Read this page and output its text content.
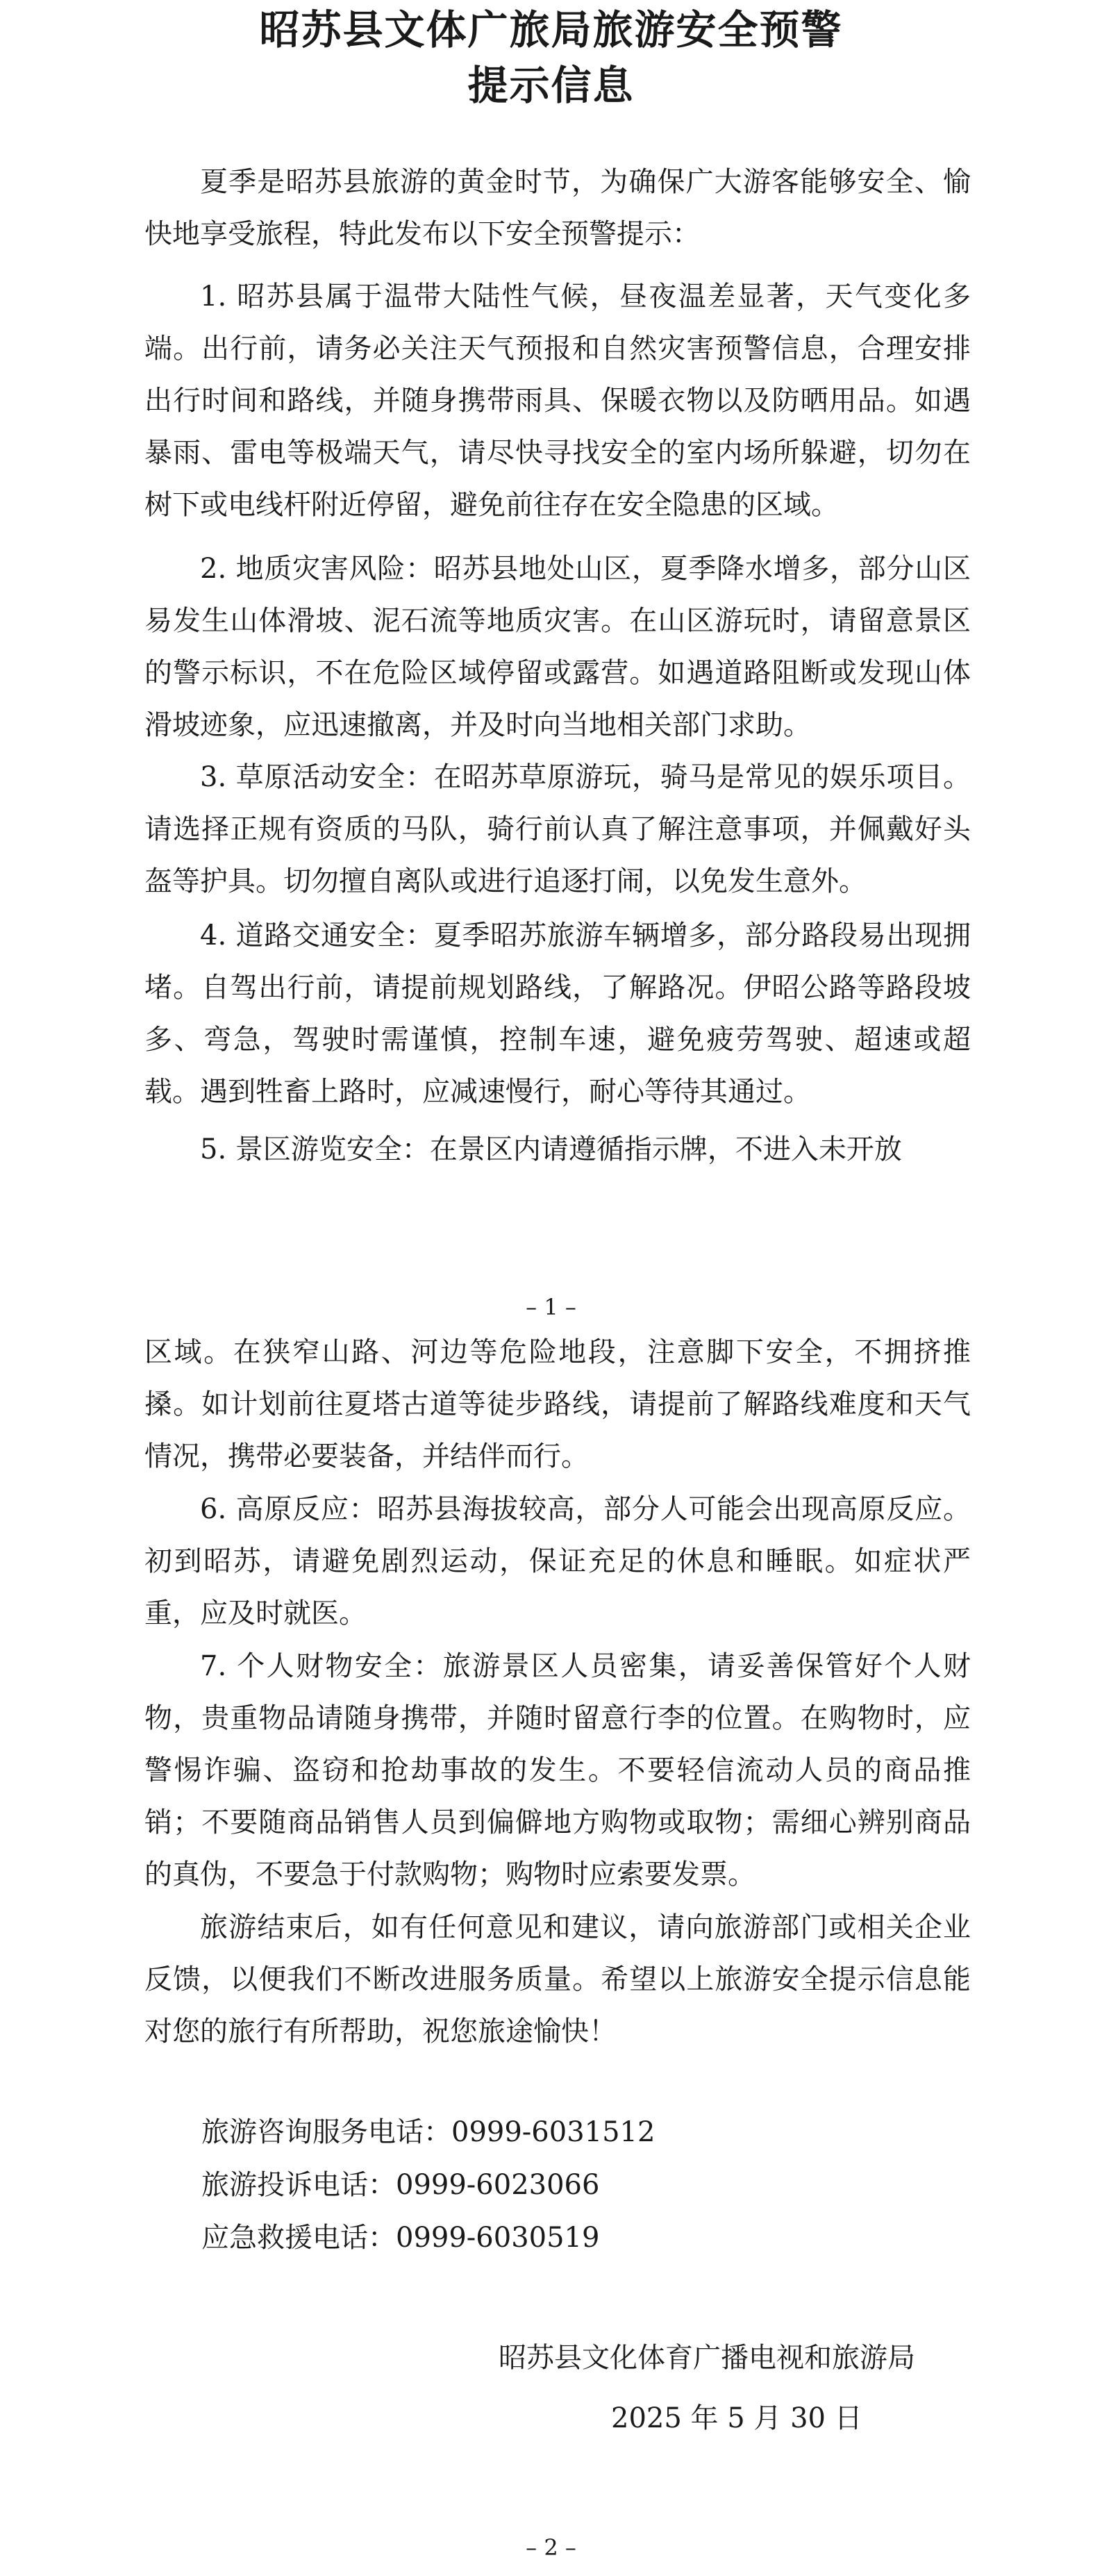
昭苏县文体广旅局旅游安全预警
提示信息

夏季是昭苏县旅游的黄金时节，为确保广大游客能够安全、愉快地享受旅程，特此发布以下安全预警提示：

1. 昭苏县属于温带大陆性气候，昼夜温差显著，天气变化多端。出行前，请务必关注天气预报和自然灾害预警信息，合理安排出行时间和路线，并随身携带雨具、保暖衣物以及防晒用品。如遇暴雨、雷电等极端天气，请尽快寻找安全的室内场所躲避，切勿在树下或电线杆附近停留，避免前往存在安全隐患的区域。

2. 地质灾害风险：昭苏县地处山区，夏季降水增多，部分山区易发生山体滑坡、泥石流等地质灾害。在山区游玩时，请留意景区的警示标识，不在危险区域停留或露营。如遇道路阻断或发现山体滑坡迹象，应迅速撤离，并及时向当地相关部门求助。

3. 草原活动安全：在昭苏草原游玩，骑马是常见的娱乐项目。请选择正规有资质的马队，骑行前认真了解注意事项，并佩戴好头盔等护具。切勿擅自离队或进行追逐打闹，以免发生意外。

4. 道路交通安全：夏季昭苏旅游车辆增多，部分路段易出现拥堵。自驾出行前，请提前规划路线，了解路况。伊昭公路等路段坡多、弯急，驾驶时需谨慎，控制车速，避免疲劳驾驶、超速或超载。遇到牲畜上路时，应减速慢行，耐心等待其通过。

5. 景区游览安全：在景区内请遵循指示牌，不进入未开放

– 1 –

区域。在狭窄山路、河边等危险地段，注意脚下安全，不拥挤推搡。如计划前往夏塔古道等徒步路线，请提前了解路线难度和天气情况，携带必要装备，并结伴而行。

6. 高原反应：昭苏县海拔较高，部分人可能会出现高原反应。初到昭苏，请避免剧烈运动，保证充足的休息和睡眠。如症状严重，应及时就医。

7. 个人财物安全：旅游景区人员密集，请妥善保管好个人财物，贵重物品请随身携带，并随时留意行李的位置。在购物时，应警惕诈骗、盗窃和抢劫事故的发生。不要轻信流动人员的商品推销；不要随商品销售人员到偏僻地方购物或取物；需细心辨别商品的真伪，不要急于付款购物；购物时应索要发票。

旅游结束后，如有任何意见和建议，请向旅游部门或相关企业反馈，以便我们不断改进服务质量。希望以上旅游安全提示信息能对您的旅行有所帮助，祝您旅途愉快！

旅游咨询服务电话：0999-6031512
旅游投诉电话：0999-6023066
应急救援电话：0999-6030519
昭苏县文化体育广播电视和旅游局
2025 年 5 月 30 日
– 2 –
